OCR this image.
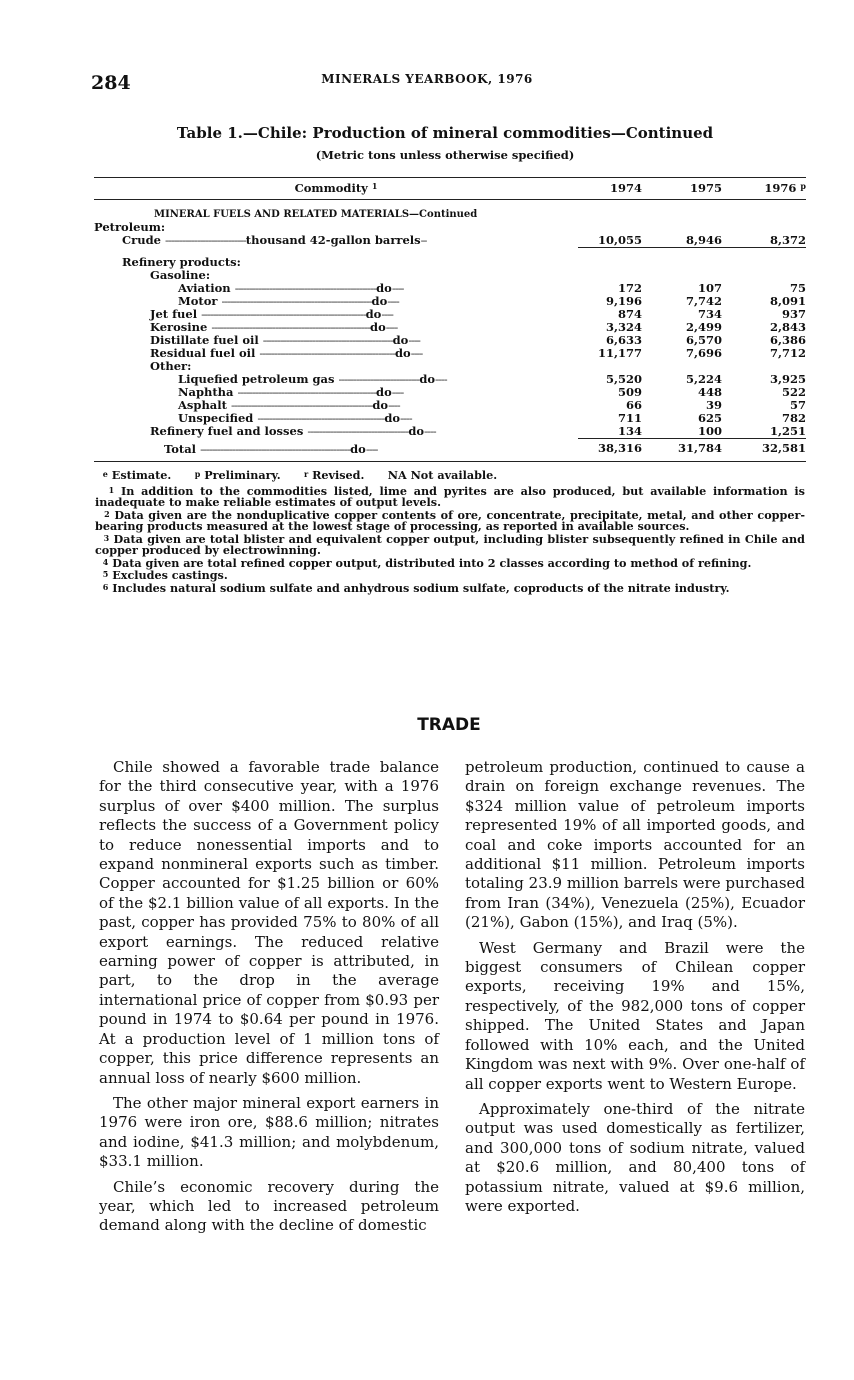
284	MINERALS YEARBOOK, 1976
Table 1.—Chile: Production of mineral commodities—Continued
(Metric tons unless otherwise specified)
Commodity $^1$	1974	1975	1976 $^p$

MINERAL FUELS AND RELATED MATERIALS—Continued			
Petroleum:			
Crude ----------------------------thousand 42-gallon barrels--	10,055	8,946	8,372

Refinery products:			
Gasoline:			
Aviation -------------------------------------------------do----	172	107	75
Motor ----------------------------------------------------do----	9,196	7,742	8,091
Jet fuel ---------------------------------------------------------do----	874	734	937
Kerosine -------------------------------------------------------do----	3,324	2,499	2,843
Distillate fuel oil ---------------------------------------------do----	6,633	6,570	6,386
Residual fuel oil -----------------------------------------------do----	11,177	7,696	7,712
Other:			
Liquefied petroleum gas ----------------------------do----	5,520	5,224	3,925
Naphtha ------------------------------------------------do----	509	448	522
Asphalt -------------------------------------------------do----	66	39	57
Unspecified --------------------------------------------do----	711	625	782
Refinery fuel and losses -----------------------------------do----	134	100	1,251
Total ----------------------------------------------------do----	38,316	31,784	32,581

$^e$ Estimate.	$^p$ Preliminary.	$^r$ Revised. NA Not available.

$^1$ In addition to the commodities listed, lime and pyrites are also produced, but available information is inadequate to make reliable estimates of output levels.

$^2$ Data given are the nonduplicative copper contents of ore, concentrate, precipitate, metal, and other copper-bearing products measured at the lowest stage of processing, as reported in available sources.

$^3$ Data given are total blister and equivalent copper output, including blister subsequently refined in Chile and copper produced by electrowinning.

$^4$ Data given are total refined copper output, distributed into 2 classes according to method of refining.

$^5$ Excludes castings.

$^6$ Includes natural sodium sulfate and anhydrous sodium sulfate, coproducts of the nitrate industry.

TRADE

Chile showed a favorable trade balance for the third consecutive year, with a 1976 surplus of over $400 million. The surplus reflects the success of a Government policy to reduce nonessential imports and to expand nonmineral exports such as timber. Copper accounted for $1.25 billion or 60% of the $2.1 billion value of all exports. In the past, copper has provided 75% to 80% of all export earnings. The reduced relative earning power of copper is attributed, in part, to the drop in the average international price of copper from $0.93 per pound in 1974 to $0.64 per pound in 1976. At a production level of 1 million tons of copper, this price difference represents an annual loss of nearly $600 million.

The other major mineral export earners in 1976 were iron ore, $88.6 million; nitrates and iodine, $41.3 million; and molybdenum, $33.1 million.

Chile’s economic recovery during the year, which led to increased petroleum demand along with the decline of domestic

petroleum production, continued to cause a drain on foreign exchange revenues. The $324 million value of petroleum imports represented 19% of all imported goods, and coal and coke imports accounted for an additional $11 million. Petroleum imports totaling 23.9 million barrels were purchased from Iran (34%), Venezuela (25%), Ecuador (21%), Gabon (15%), and Iraq (5%).

West Germany and Brazil were the biggest consumers of Chilean copper exports, receiving 19% and 15%, respectively, of the 982,000 tons of copper shipped. The United States and Japan followed with 10% each, and the United Kingdom was next with 9%. Over one-half of all copper exports went to Western Europe.

Approximately one-third of the nitrate output was used domestically as fertilizer, and 300,000 tons of sodium nitrate, valued at $20.6 million, and 80,400 tons of potassium nitrate, valued at $9.6 million, were exported.
